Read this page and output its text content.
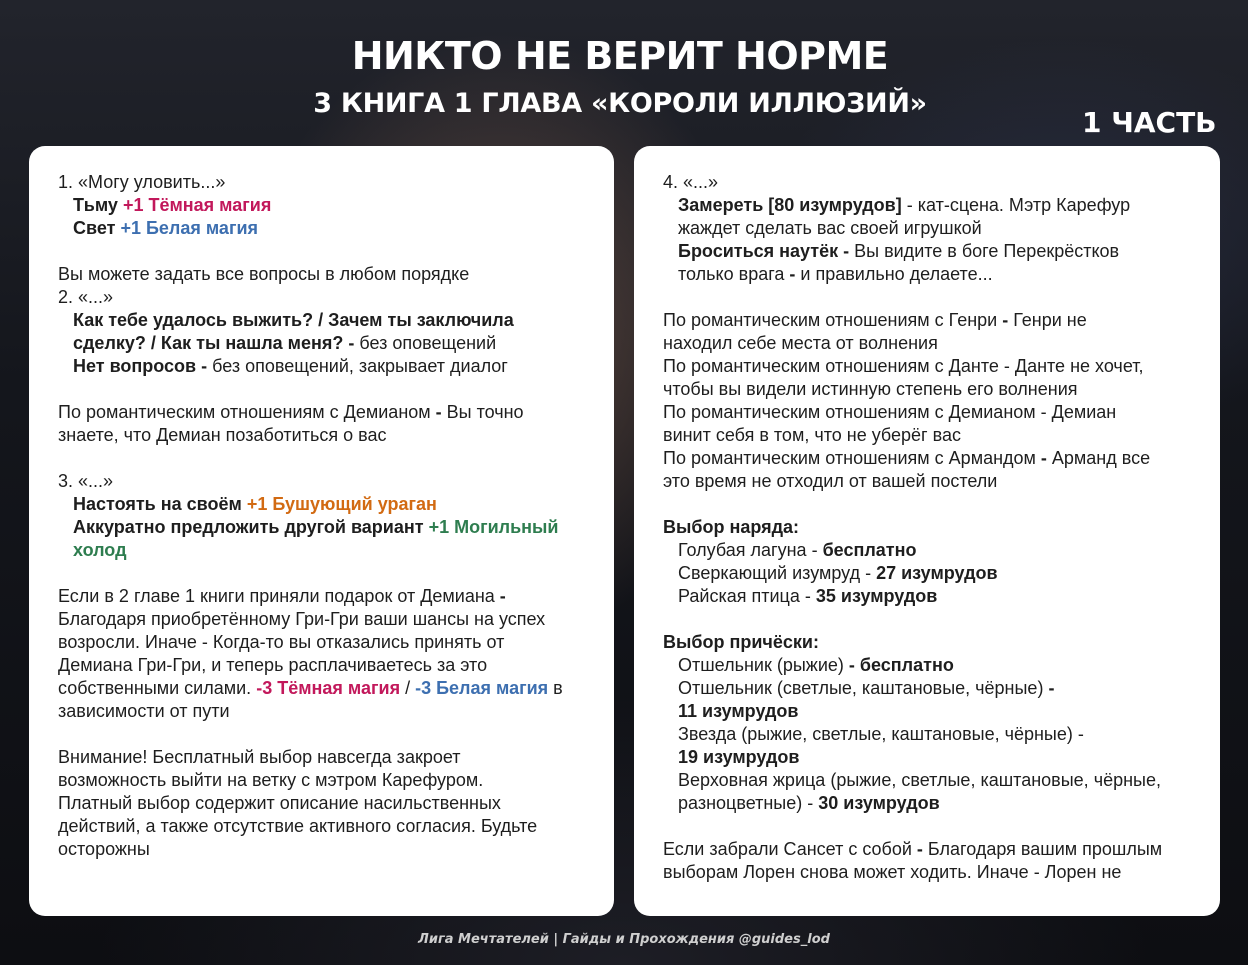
НИКТО НЕ ВЕРИТ НОРМЕ
3 КНИГА 1 ГЛАВА «КОРОЛИ ИЛЛЮЗИЙ»
1 ЧАСТЬ
1. «Могу уловить...»
Тьму +1 Тёмная магия
Свет +1 Белая магия
Вы можете задать все вопросы в любом порядке
2. «...»
Как тебе удалось выжить? / Зачем ты заключила
сделку? / Как ты нашла меня? - без оповещений
Нет вопросов - без оповещений, закрывает диалог
По романтическим отношениям с Демианом - Вы точно
знаете, что Демиан позаботиться о вас
3. «...»
Настоять на своём +1 Бушующий ураган
Аккуратно предложить другой вариант +1 Могильный
холод
Если в 2 главе 1 книги приняли подарок от Демиана -
Благодаря приобретённому Гри-Гри ваши шансы на успех
возросли. Иначе - Когда-то вы отказались принять от
Демиана Гри-Гри, и теперь расплачиваетесь за это
собственными силами. -3 Тёмная магия / -3 Белая магия в
зависимости от пути
Внимание! Бесплатный выбор навсегда закроет
возможность выйти на ветку с мэтром Карефуром.
Платный выбор содержит описание насильственных
действий, а также отсутствие активного согласия. Будьте
осторожны
4. «...»
Замереть [80 изумрудов] - кат-сцена. Мэтр Карефур
жаждет сделать вас своей игрушкой
Броситься наутёк - Вы видите в боге Перекрёстков
только врага - и правильно делаете...
По романтическим отношениям с Генри - Генри не
находил себе места от волнения
По романтическим отношениям с Данте - Данте не хочет,
чтобы вы видели истинную степень его волнения
По романтическим отношениям с Демианом - Демиан
винит себя в том, что не уберёг вас
По романтическим отношениям с Армандом - Арманд все
это время не отходил от вашей постели
Выбор наряда:
Голубая лагуна - бесплатно
Сверкающий изумруд - 27 изумрудов
Райская птица - 35 изумрудов
Выбор причёски:
Отшельник (рыжие) - бесплатно
Отшельник (светлые, каштановые, чёрные) -
11 изумрудов
Звезда (рыжие, светлые, каштановые, чёрные) -
19 изумрудов
Верховная жрица (рыжие, светлые, каштановые, чёрные,
разноцветные) - 30 изумрудов
Если забрали Сансет с собой - Благодаря вашим прошлым
выборам Лорен снова может ходить. Иначе - Лорен не
Лига Мечтателей | Гайды и Прохождения @guides_lod
